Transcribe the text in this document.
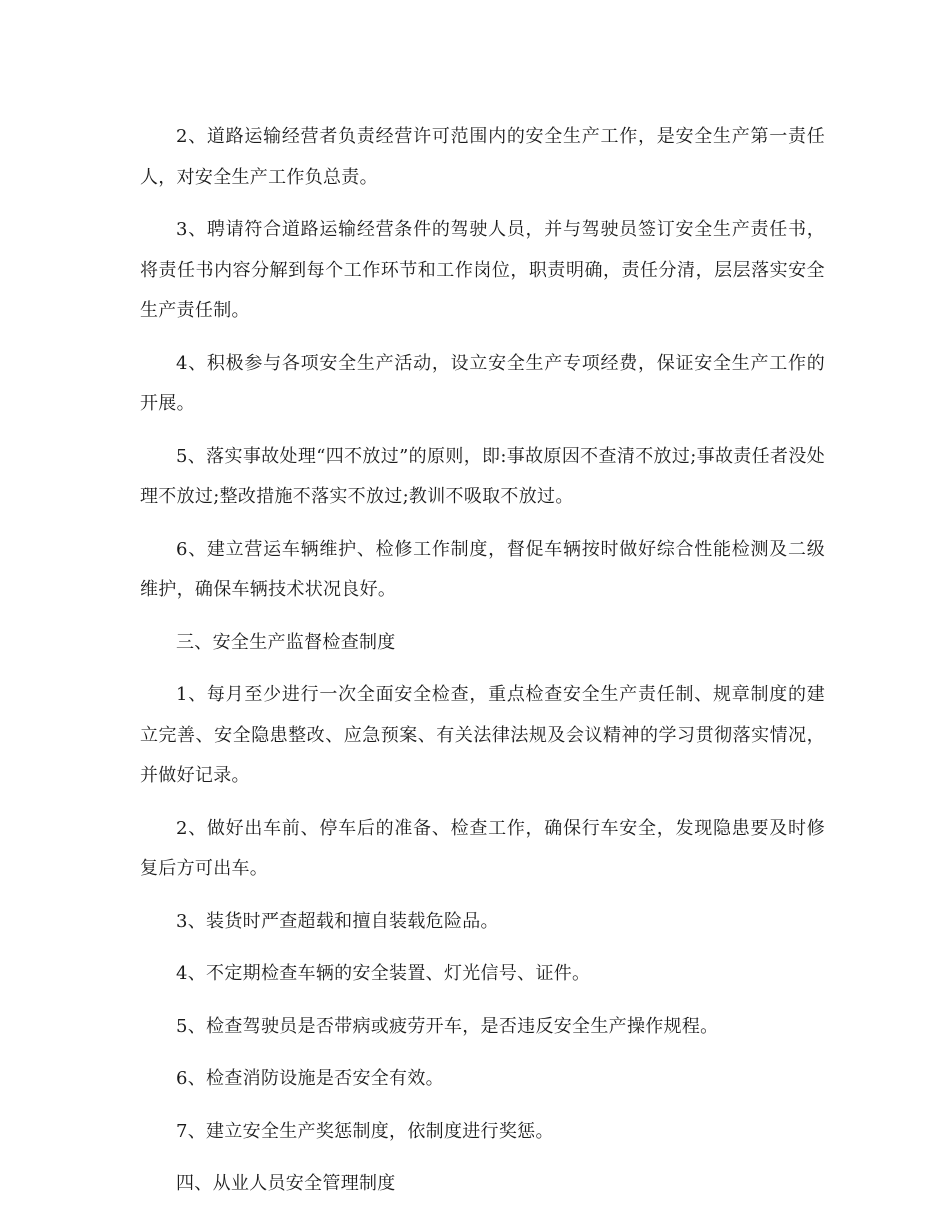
2、道路运输经营者负责经营许可范围内的安全生产工作，是安全生产第一责任人，对安全生产工作负总责。

3、聘请符合道路运输经营条件的驾驶人员，并与驾驶员签订安全生产责任书，将责任书内容分解到每个工作环节和工作岗位，职责明确，责任分清，层层落实安全生产责任制。

4、积极参与各项安全生产活动，设立安全生产专项经费，保证安全生产工作的开展。

5、落实事故处理“四不放过”的原则，即:事故原因不查清不放过;事故责任者没处理不放过;整改措施不落实不放过;教训不吸取不放过。

6、建立营运车辆维护、检修工作制度，督促车辆按时做好综合性能检测及二级维护，确保车辆技术状况良好。

三、安全生产监督检查制度

1、每月至少进行一次全面安全检查，重点检查安全生产责任制、规章制度的建立完善、安全隐患整改、应急预案、有关法律法规及会议精神的学习贯彻落实情况，并做好记录。

2、做好出车前、停车后的准备、检查工作，确保行车安全，发现隐患要及时修复后方可出车。

3、装货时严查超载和擅自装载危险品。

4、不定期检查车辆的安全装置、灯光信号、证件。

5、检查驾驶员是否带病或疲劳开车，是否违反安全生产操作规程。

6、检查消防设施是否安全有效。

7、建立安全生产奖惩制度，依制度进行奖惩。

四、从业人员安全管理制度
